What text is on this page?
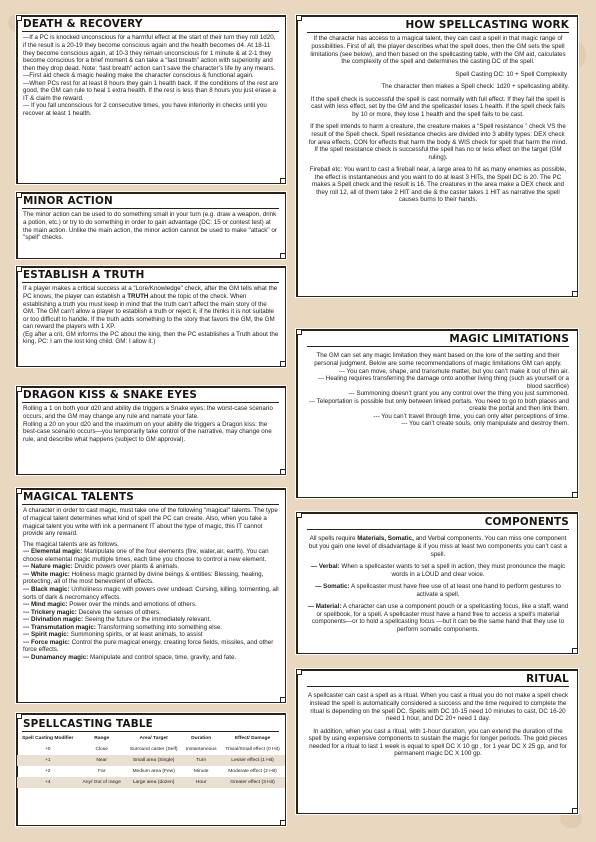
DEATH & RECOVERY

—If a PC is knocked unconscious for a harmful effect at the start of their turn they roll 1d20, if the result is a 20-19 they become conscious again and the health becomes d4. At 18-11 they become conscious again, at 10-3 they remain unconscious for 1 minute & at 2-1 they become conscious for a brief moment & can take a “last breath” action with superiority and then they drop dead. Note: “last breath” action can’t save the character’s life by any means.

—First aid check & magic healing make the character conscious & functional again.

—When PCs rest for at least 8 hours they gain 1 health back. If the conditions of the rest are good, the GM can rule to heal 1 extra health. If the rest is less than 8 hours you just erase a IT & claim the reward.

— If you fall unconscious for 2 consecutive times, you have inferiority in checks until you recover at least 1 health.

MINOR ACTION

The minor action can be used to do something small in your turn (e.g. draw a weapon, drink a potion, etc.) or try to do something in order to gain advantage (DC: 15 or contest test) at the main action. Unlike the main action, the minor action cannot be used to make "attack" or "spell" checks.

ESTABLISH A TRUTH

If a player makes a critical success at a “Lore/Knowledge” check, after the GM tells what the PC knows, the player can establish a TRUTH about the topic of the check. When establishing a truth you must keep in mind that the truth can’t affect the main story of the GM. The GM can’t allow a player to establish a truth or reject it, if he thinks it is not suitable or too difficult to handle. If the truth adds something to the story that favors the GM, the GM can reward the players with 1 XP.

(Eg after a crit, GM informs the PC about the king, then the PC establishes a Truth about the king, PC: I am the lost king child. GM: I allow it.)

DRAGON KISS & SNAKE EYES

Rolling a 1 on both your d20 and ability die triggers a Snake eyes: the worst-case scenario occurs, and the GM may change any rule and narrate your fate.

Rolling a 20 on your d20 and the maximum on your ability die triggers a Dragon kiss: the best-case scenario occurs—you temporarily take control of the narrative, may change one rule, and describe what happens (subject to GM approval).

MAGICAL TALENTS

A character in order to cast magic, must take one of the following "magical" talents. The type of magical talent determines what kind of spell the PC can create. Also, when you take a magical talent you write with ink a permanent IT about the type of magic, this IT cannot provide any reward.

The magical talents are as follows.

--- Elemental magic: Manipulate one of the four elements (fire, water,air, earth). You can choose elemental magic multiple times, each time you choose to control a new element.

--- Nature magic: Druidic powers over plants & animals.

--- White magic: Holiness magic granted by divine beings & entities: Blessing, healing, protecting, all of the most benevolent of effects.

--- Black magic: Unholiness magic with powers over undead: Cursing, killing, tormenting, all sorts of dark & necromancy effects.

--- Mind magic: Power over the minds and emotions of others.

--- Trickery magic: Deceive the senses of others.

--- Divination magic: Seeing the future or the immediately relevant.

--- Transmutation magic: Transforming something into something else.

--- Spirit magic: Summoning spirits, or at least animals, to assist

--- Force magic: Control the pure magical energy, creating force fields, missiles, and other force effects.

--- Dunamancy magic: Manipulate and control space, time, gravity, and fate.

SPELLCASTING TABLE
Spell Casting Modifier	Range	Area/ Target	Duration	Effect/ Damage
+0	Close	Surround caster (Self)	Instantaneous	Trivial/Small effect (0 Hit)
+1	Near	Small area (Single)	Turn	Lesser effect (1 Hit)
+2	Far	Medium area (Few)	Minute	Moderate effect (2 Hit)
+4	Any/ Out of range	Large area (dozen)	Hour	Greater effect (3 Hit)
HOW SPELLCASTING WORK

If the character has access to a magical talent, they can cast a spell in that magic range of possibilities. First of all, the player describes what the spell does, then the GM sets the spell limitations (see below), and then based on the spellcasting table, with the GM aid, calculates the complexity of the spell and determines the casting DC of the spell.

Spell Casting DC: 10 + Spell Complexity

The character then makes a Spell check: 1d20 + spellcasting ability.

If the spell check is successful the spell is cast normally with full effect. If they fail the spell is cast with less effect, set by the GM and the spellcaster loses 1 health. If the spell check fails by 10 or more, they lose 1 health and the spell fails to be cast.

If the spell intends to harm a creature, the creature makes a “Spell resistance ” check VS the result of the Spell check. Spell resistance checks are divided into 3 ability types: DEX check for area effects, CON for effects that harm the body & WIS check for spell that harm the mind. If the spell resistance check is successful the spell has no or less effect on the target (GM ruling).

Fireball etc: You want to cast a fireball near, a large area to hit as many enemies as possible, the effect is instantaneous and you want to do at least 3 HITs, the Spell DC is 20. The PC makes a Spell check and the result is 16. The creatures in the area make a DEX check and they roll 12, all of them take 2 HIT and die & the caster takes 1 HIT as narrative the spell causes burns to their hands.

MAGIC LIMITATIONS

The GM can set any magic limitation they want based on the lore of the setting and their personal judgment. Below are some recommendations of magic limitations GM can apply.

--- You can move, shape, and transmute matter, but you can’t make it out of thin air.

--- Healing requires transferring the damage onto another living thing (such as yourself or a blood sacrifice)

--- Summoning doesn’t grant you any control over the thing you just summoned.

--- Teleportation is possible but only between linked portals. You need to go to both places and create the portal and then link them.

--- You can’t travel through time, you can only alter perceptions of time.

--- You can’t create souls, only manipulate and destroy them.

COMPONENTS

All spells require Materials, Somatic, and Verbal components. You can miss one component but you gain one level of disadvantage & if you miss at least two components you can’t cast a spell.

— Verbal: When a spellcaster wants to set a spell in action, they must pronounce the magic words in a LOUD and clear voice.

— Somatic: A spellcaster must have free use of at least one hand to perform gestures to activate a spell.

— Material: A character can use a component pouch or a spellcasting focus, like a staff, wand or spellbook, for a spell. A spellcaster must have a hand free to access a spell’s material components—or to hold a spellcasting focus —but it can be the same hand that they use to perform somatic components.

RITUAL

A spellcaster can cast a spell as a ritual. When you cast a ritual you do not make a spell check instead the spell is automatically considered a success and the time required to complete the ritual is depending on the spell DC. Spells with DC 10-15 need 10 minutes to cast, DC 16-20 need 1 hour, and DC 20+ need 1 day.

In addition, when you cast a ritual, with 1-hour duration, you can extend the duration of the spell by using expensive components to sustain the magic for longer periods. The gold pieces needed for a ritual to last 1 week is equal to spell DC X 10 gp , for 1 year DC X 25 gp, and for permanent magic DC X 100 gp.
